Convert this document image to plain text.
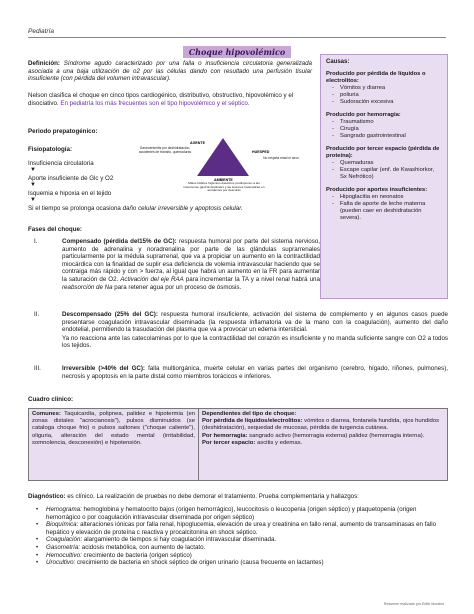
Pediatría
Choque hipovolémico
Definición: Síndrome agudo caracterizado por una falla o insuficiencia circulatoria generalizada asociada a una baja utilización de o2 por las células dando con resultado una perfusión tisular insuficiente (con pérdida del volumen intravascular).
Nelson clasifica el choque en cinco tipos cardiogénico, distributivo, obstructivo, hipovolémico y el disociativo. En pediatría los más frecuentes son el tipo hipovolémico y el séptico.
AGENTE
HUESPED
AMBIENTE
Gastroenteritis por deshidratación, accidentes de tránsito, quemaduras
No respeta edad ni sexo
Malos hábitos higiénico-dietéticos predisponen a las infecciones gastrointestinales y las lesiones traumáticas en accidentes por descuido
Periodo prepatogénico:
Fisiopatología:
Insuficiencia circulatoria
▼
Aporte insuficiente de Glc y O2
▼
Isquemia e hipoxia en el tejido
▼
Si el tiempo se prolonga ocasiona daño celular irreversible y apoptosis celular.
Causas:
Producido por pérdida de líquidos o electrolitos:
- Vómitos y diarrea
- poliuria
- Sudoración excesiva
Producido por hemorragia:
- Traumatismo
- Cirugía
- Sangrado gastrointestinal
Producido por tercer espacio (pérdida de proteína):
- Quemaduras
- Escape capilar (enf. de Kwashiorkor, Sx Nefrótico)
Producido por aportes insuficientes:
- Hipoglacitia en neonatos
- Falta de aporte de leche materna (pueden caer en deshidratación severa).
Fases del choque:
I.	Compensado (pérdida del15% de GC): respuesta humoral por parte del sistema nervioso, aumento de adrenalina y noradrenalina por parte de las glándulas suprarrenales particularmente por la médula suprarrenal, que va a propiciar un aumento en la contractilidad miocárdica con la finalidad de suplir esa deficiencia de volemia intravascular haciendo que se contraiga más rápido y con > fuerza, al igual que habrá un aumento en la FR para aumentar la saturación de O2. Activación del eje RAA para incrementar la TA y a nivel renal habrá una reabsorción de Na para retener agua por un proceso de ósmosis.
II.	Descompensado (25% del GC): respuesta humoral insuficiente, activación del sistema de complemento y en algunos casos puede presentarse coagulación intravascular diseminada (la respuesta inflamatoria va de la mano con la coagulación), aumento del daño endotelial, permitiendo la trasudación del plasma que va a provocar un edema intersticial.
Ya no reacciona ante las catecolaminas por lo que la contractilidad del corazón es insuficiente y no manda suficiente sangre con O2 a todos los tejidos.
III.	Irreversible (>40% del GC): falla multiorgánica, muerte celular en varias partes del organismo (cerebro, hígado, riñones, pulmones), necrosis y apoptosis en la parte distal como miembros torácicos e inferiores.
Cuadro clínico:
Comunes: Taquicardia, polipnea, palidez e hipotermia (en zonas distales "acrocianosis"), pulsos disminuidos (se cataloga choque frio) o pulsos saltones ("choque caliente"), oliguria, alteración del estado mental (irritabilidad, somnolencia, desconexión) e hipotensión.
Dependientes del tipo de choque:
Por pérdida de líquidos/electrolitos: vómitos o diarrea, fontanela hundida, ojos hundidos (deshidratación), sequedad de mucosas, pérdida de turgencia cutánea.
Por hemorragia: sangrado activo (hemorragia externa) palidez (hemorragia interna).
Por tercer espacio: ascitis y edemas.
Diagnóstico: es clínico. La realización de pruebas no debe demorar el tratamiento. Prueba complementaria y hallazgos:
• Hemograma: hemoglobina y hematocrito bajos (origen hemorrágico), leucocitosis o leucopenia (origen séptico) y plaquetopenia (origen hemorrágico o por coagulación intravascular diseminada por origen séptico)
• Bioquímica: alteraciones iónicas por falla renal, hipoglucemia, elevación de urea y creatinina en fallo renal, aumento de transaminasas en fallo hepático y elevación de proteína c reactiva y procalcitonina en shock séptico.
• Coagulación: alargamiento de tiempos si hay coagulación intravascular diseminada.
• Gasometría: acidosis metabólica, con aumento de lactato.
• Hemocultivo: crecimiento de bacteria (origen séptico)
• Urocultivo: crecimiento de bacteria en shock séptico de origen urinario (causa frecuente en lactantes)
Resumen realizado por Edith Morales
